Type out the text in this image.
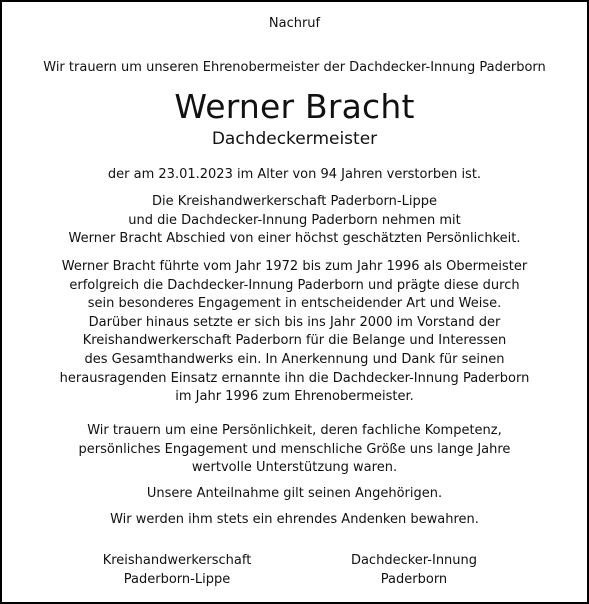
Nachruf
Wir trauern um unseren Ehrenobermeister der Dachdecker-Innung Paderborn
Werner Bracht
Dachdeckermeister
der am 23.01.2023 im Alter von 94 Jahren verstorben ist.
Die Kreishandwerkerschaft Paderborn-Lippe
und die Dachdecker-Innung Paderborn nehmen mit
Werner Bracht Abschied von einer höchst geschätzten Persönlichkeit.
Werner Bracht führte vom Jahr 1972 bis zum Jahr 1996 als Obermeister
erfolgreich die Dachdecker-Innung Paderborn und prägte diese durch
sein besonderes Engagement in entscheidender Art und Weise.
Darüber hinaus setzte er sich bis ins Jahr 2000 im Vorstand der
Kreishandwerkerschaft Paderborn für die Belange und Interessen
des Gesamthandwerks ein. In Anerkennung und Dank für seinen
herausragenden Einsatz ernannte ihn die Dachdecker-Innung Paderborn
im Jahr 1996 zum Ehrenobermeister.
Wir trauern um eine Persönlichkeit, deren fachliche Kompetenz,
persönliches Engagement und menschliche Größe uns lange Jahre
wertvolle Unterstützung waren.
Unsere Anteilnahme gilt seinen Angehörigen.
Wir werden ihm stets ein ehrendes Andenken bewahren.
Kreishandwerkerschaft
Paderborn-Lippe
Dachdecker-Innung
Paderborn
